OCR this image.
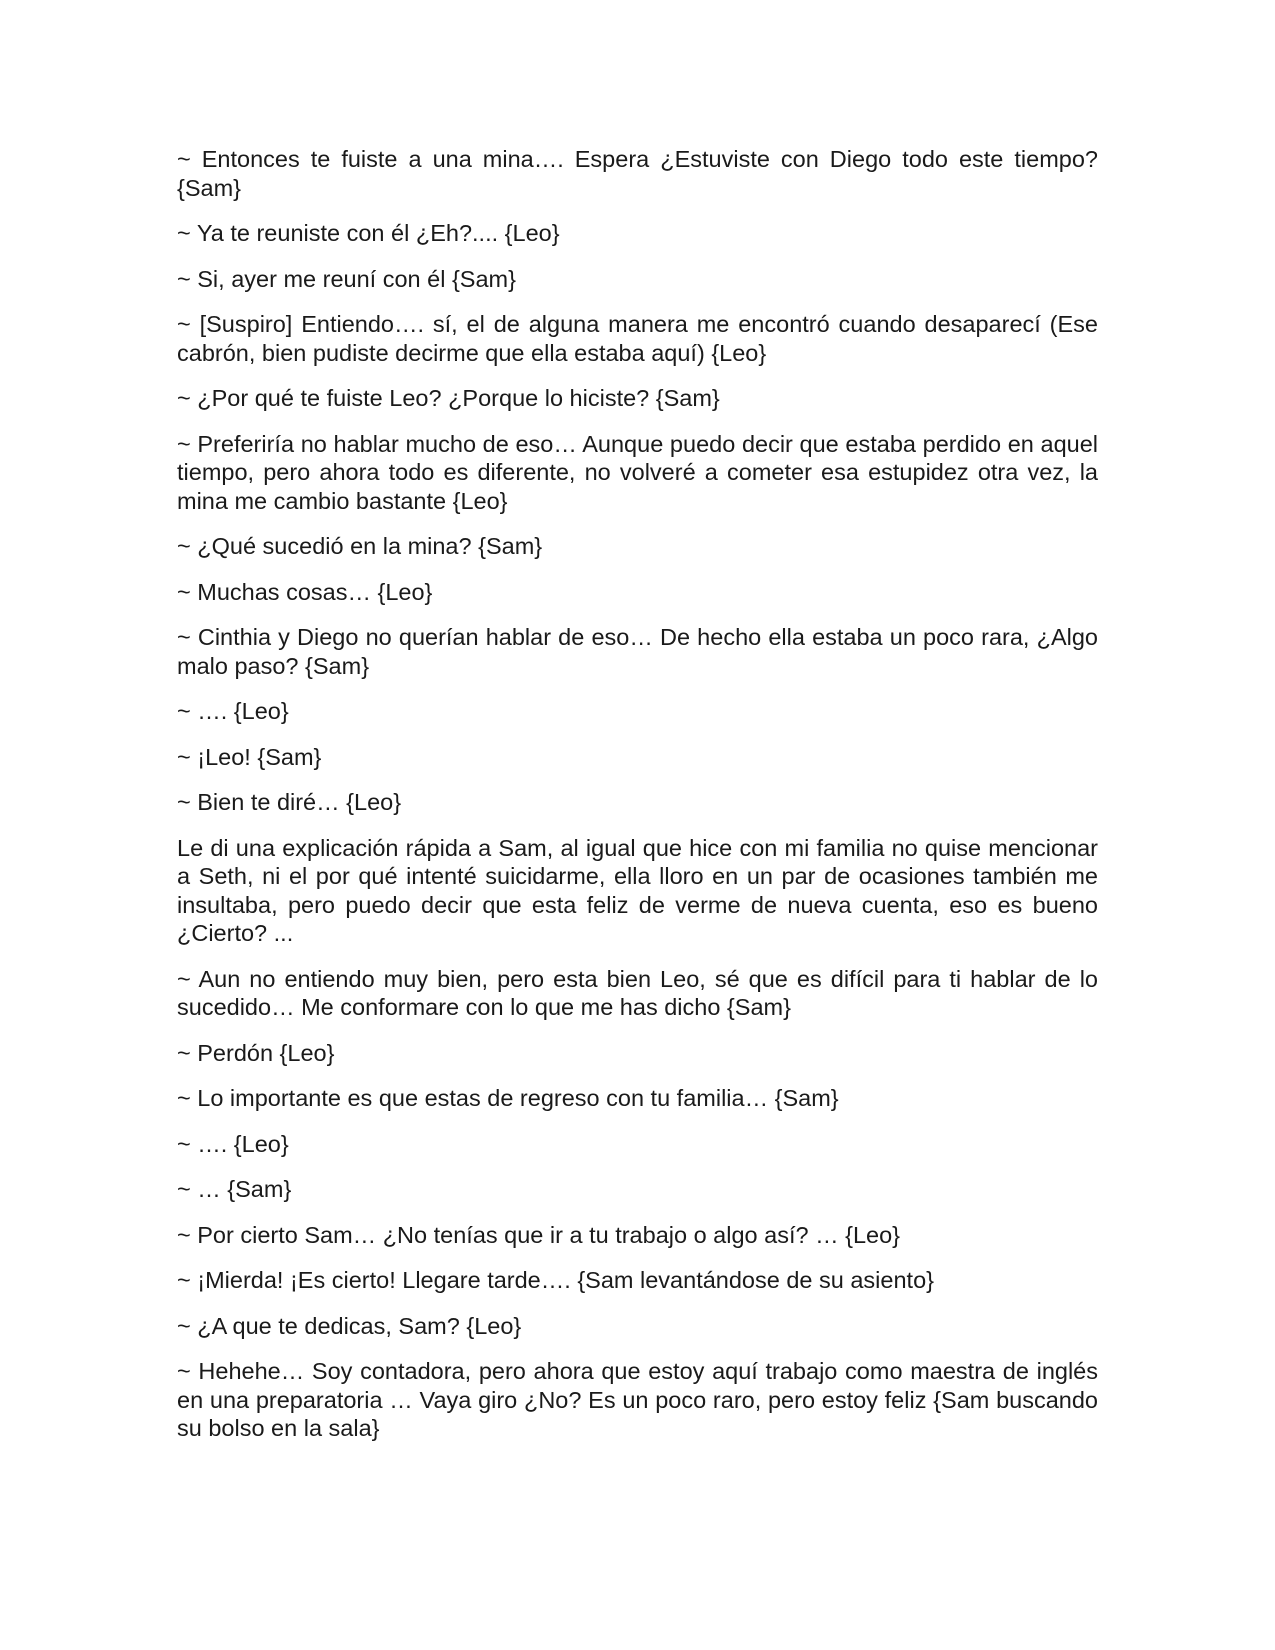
~ Entonces te fuiste a una mina…. Espera ¿Estuviste con Diego todo este tiempo? {Sam}

~ Ya te reuniste con él ¿Eh?.... {Leo}

~ Si, ayer me reuní con él {Sam}

~ [Suspiro] Entiendo…. sí, el de alguna manera me encontró cuando desaparecí (Ese cabrón, bien pudiste decirme que ella estaba aquí) {Leo}

~ ¿Por qué te fuiste Leo? ¿Porque lo hiciste? {Sam}

~ Preferiría no hablar mucho de eso… Aunque puedo decir que estaba perdido en aquel tiempo, pero ahora todo es diferente, no volveré a cometer esa estupidez otra vez, la mina me cambio bastante {Leo}

~ ¿Qué sucedió en la mina? {Sam}

~ Muchas cosas… {Leo}

~ Cinthia y Diego no querían hablar de eso… De hecho ella estaba un poco rara, ¿Algo malo paso? {Sam}

~ …. {Leo}

~ ¡Leo! {Sam}

~ Bien te diré… {Leo}

Le di una explicación rápida a Sam, al igual que hice con mi familia no quise mencionar a Seth, ni el por qué intenté suicidarme, ella lloro en un par de ocasiones también me insultaba, pero puedo decir que esta feliz de verme de nueva cuenta, eso es bueno ¿Cierto? ...

~ Aun no entiendo muy bien, pero esta bien Leo, sé que es difícil para ti hablar de lo sucedido… Me conformare con lo que me has dicho {Sam}

~ Perdón {Leo}

~ Lo importante es que estas de regreso con tu familia… {Sam}

~ …. {Leo}

~ … {Sam}

~ Por cierto Sam… ¿No tenías que ir a tu trabajo o algo así? … {Leo}

~ ¡Mierda! ¡Es cierto! Llegare tarde…. {Sam levantándose de su asiento}

~ ¿A que te dedicas, Sam? {Leo}

~ Hehehe… Soy contadora, pero ahora que estoy aquí trabajo como maestra de inglés en una preparatoria … Vaya giro ¿No? Es un poco raro, pero estoy feliz {Sam buscando su bolso en la sala}
